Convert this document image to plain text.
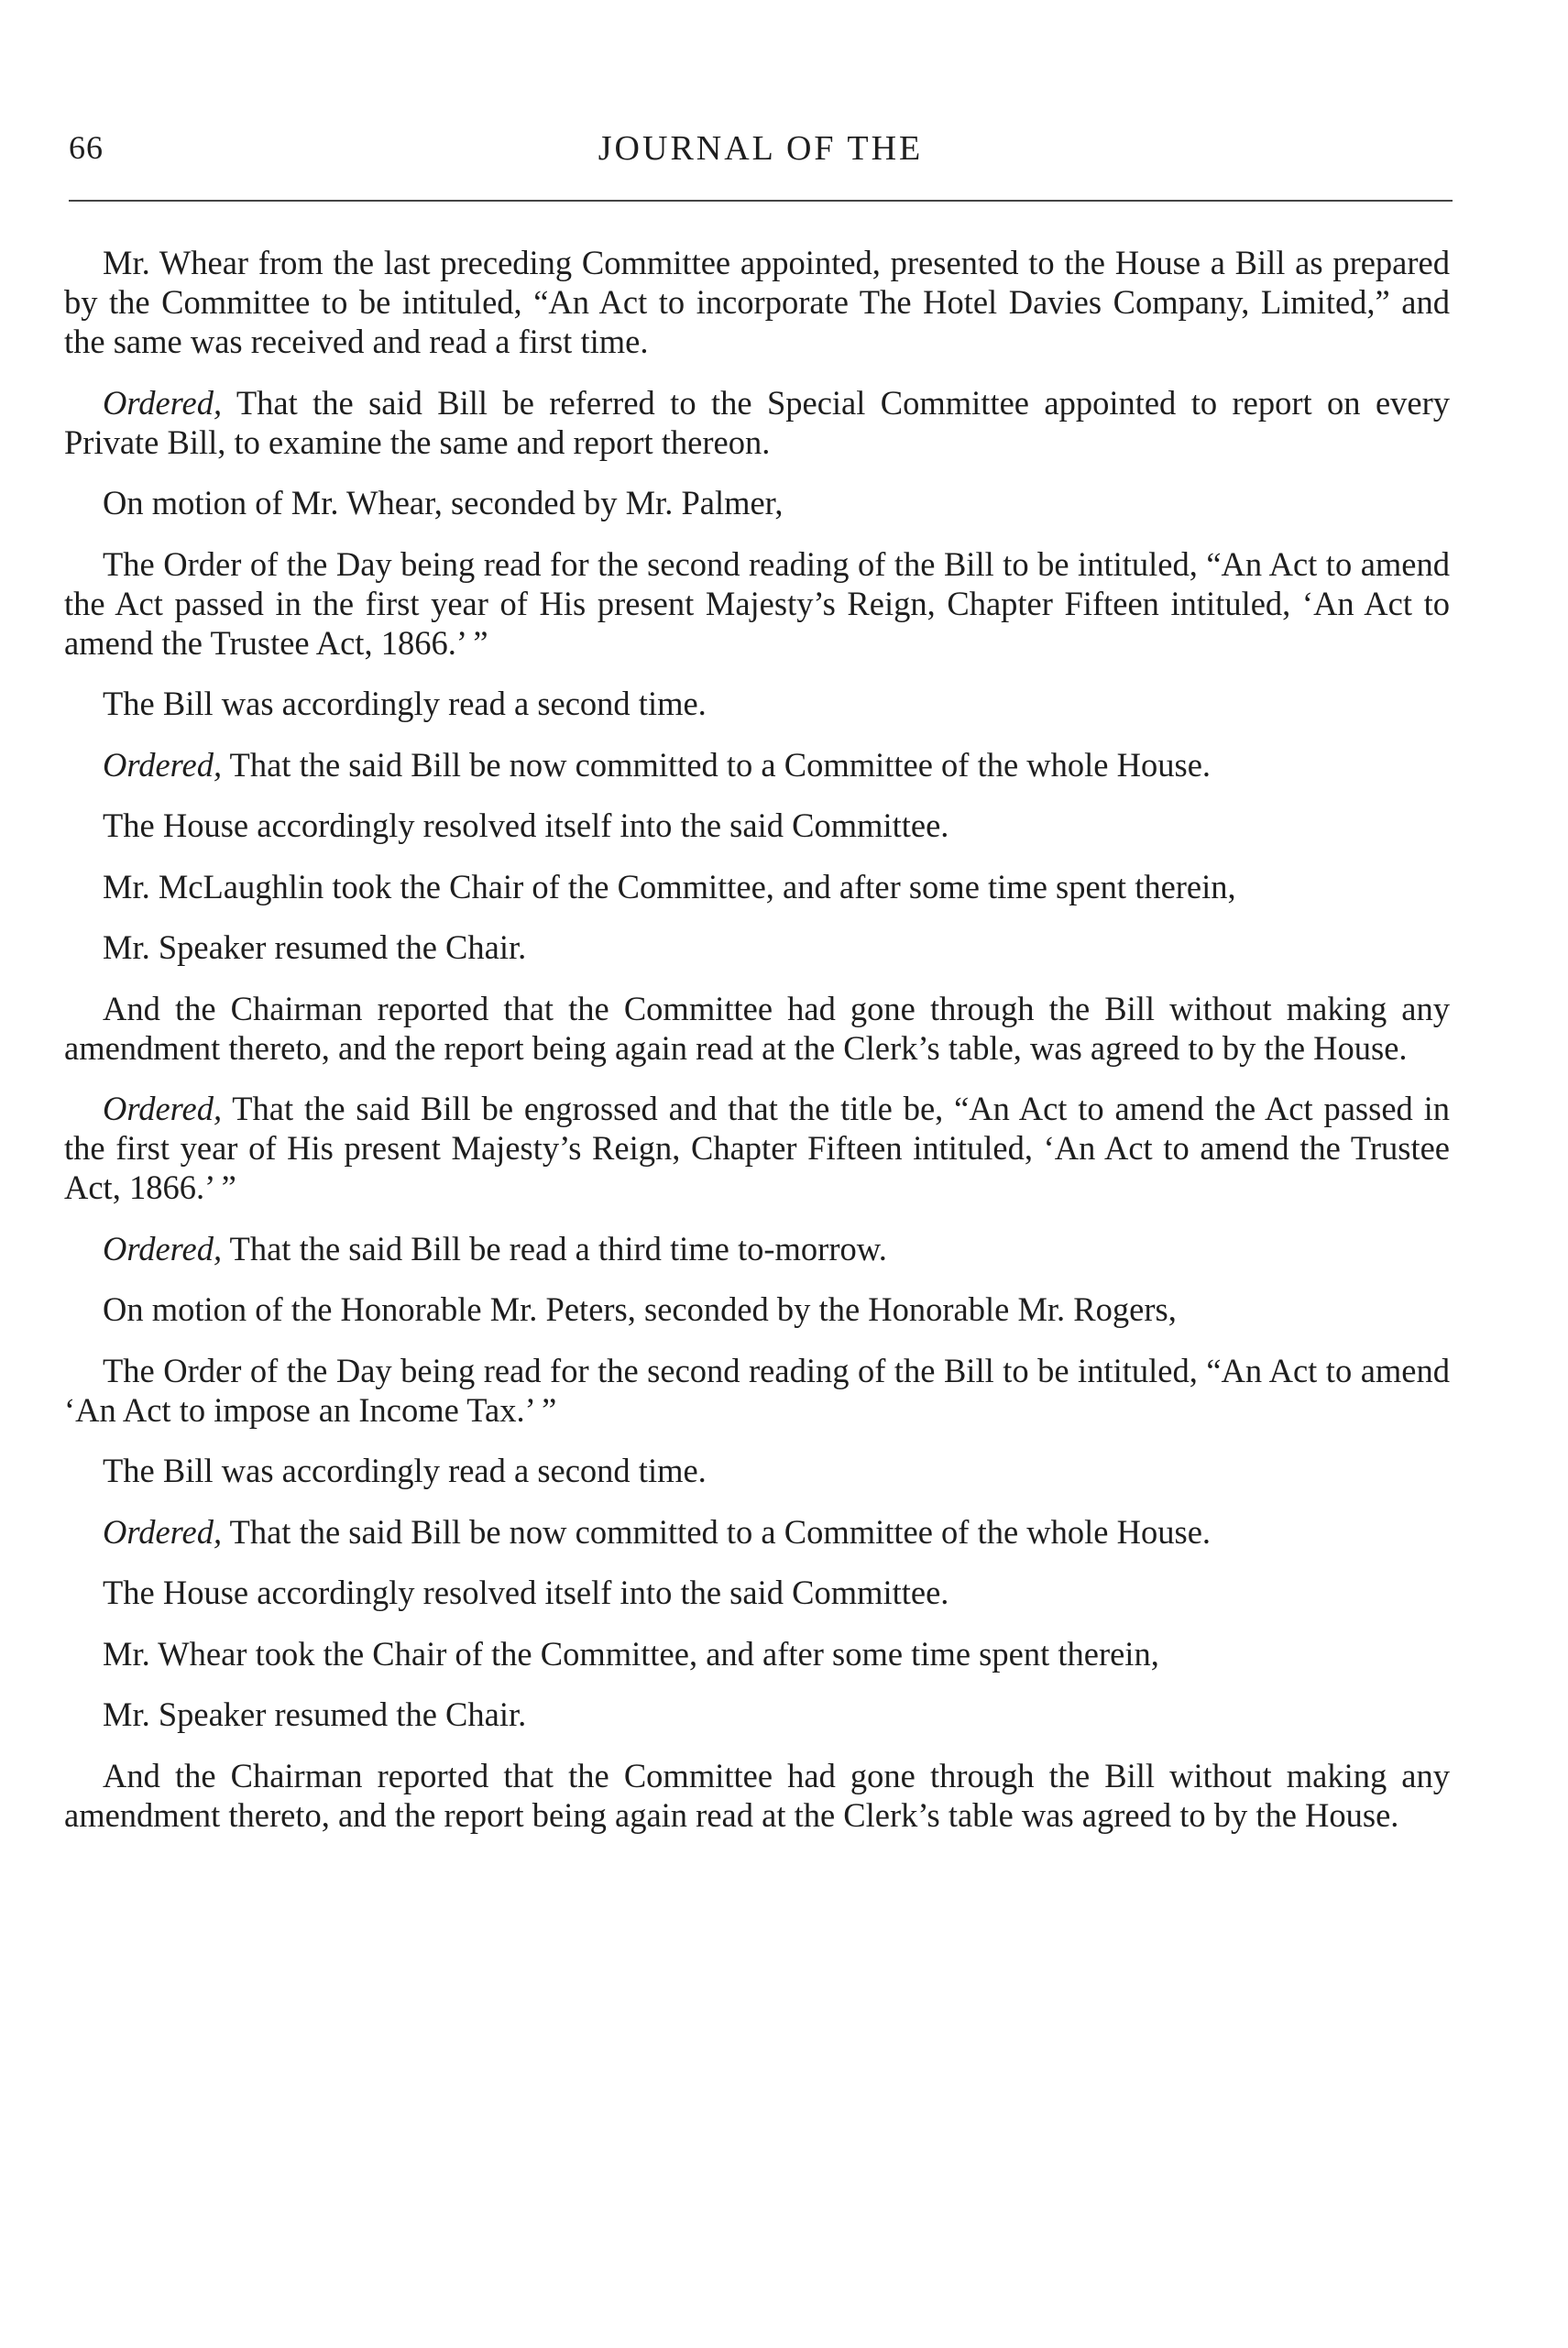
66	JOURNAL OF THE

Mr. Whear from the last preceding Committee appointed, presented to the House a Bill as prepared by the Committee to be intituled, “An Act to incorporate The Hotel Davies Company, Limited,” and the same was received and read a first time.

Ordered, That the said Bill be referred to the Special Committee appointed to report on every Private Bill, to examine the same and report thereon.

On motion of Mr. Whear, seconded by Mr. Palmer,

The Order of the Day being read for the second reading of the Bill to be intituled, “An Act to amend the Act passed in the first year of His present Majesty’s Reign, Chapter Fifteen intituled, ‘An Act to amend the Trustee Act, 1866.’ ”

The Bill was accordingly read a second time.

Ordered, That the said Bill be now committed to a Committee of the whole House.

The House accordingly resolved itself into the said Committee.

Mr. McLaughlin took the Chair of the Committee, and after some time spent therein,

Mr. Speaker resumed the Chair.

And the Chairman reported that the Committee had gone through the Bill without making any amendment thereto, and the report being again read at the Clerk’s table, was agreed to by the House.

Ordered, That the said Bill be engrossed and that the title be, “An Act to amend the Act passed in the first year of His present Majesty’s Reign, Chapter Fifteen intituled, ‘An Act to amend the Trustee Act, 1866.’ ”

Ordered, That the said Bill be read a third time to-morrow.

On motion of the Honorable Mr. Peters, seconded by the Honorable Mr. Rogers,

The Order of the Day being read for the second reading of the Bill to be intituled, “An Act to amend ‘An Act to impose an Income Tax.’ ”

The Bill was accordingly read a second time.

Ordered, That the said Bill be now committed to a Committee of the whole House.

The House accordingly resolved itself into the said Committee.

Mr. Whear took the Chair of the Committee, and after some time spent therein,

Mr. Speaker resumed the Chair.

And the Chairman reported that the Committee had gone through the Bill without making any amendment thereto, and the report being again read at the Clerk’s table was agreed to by the House.
